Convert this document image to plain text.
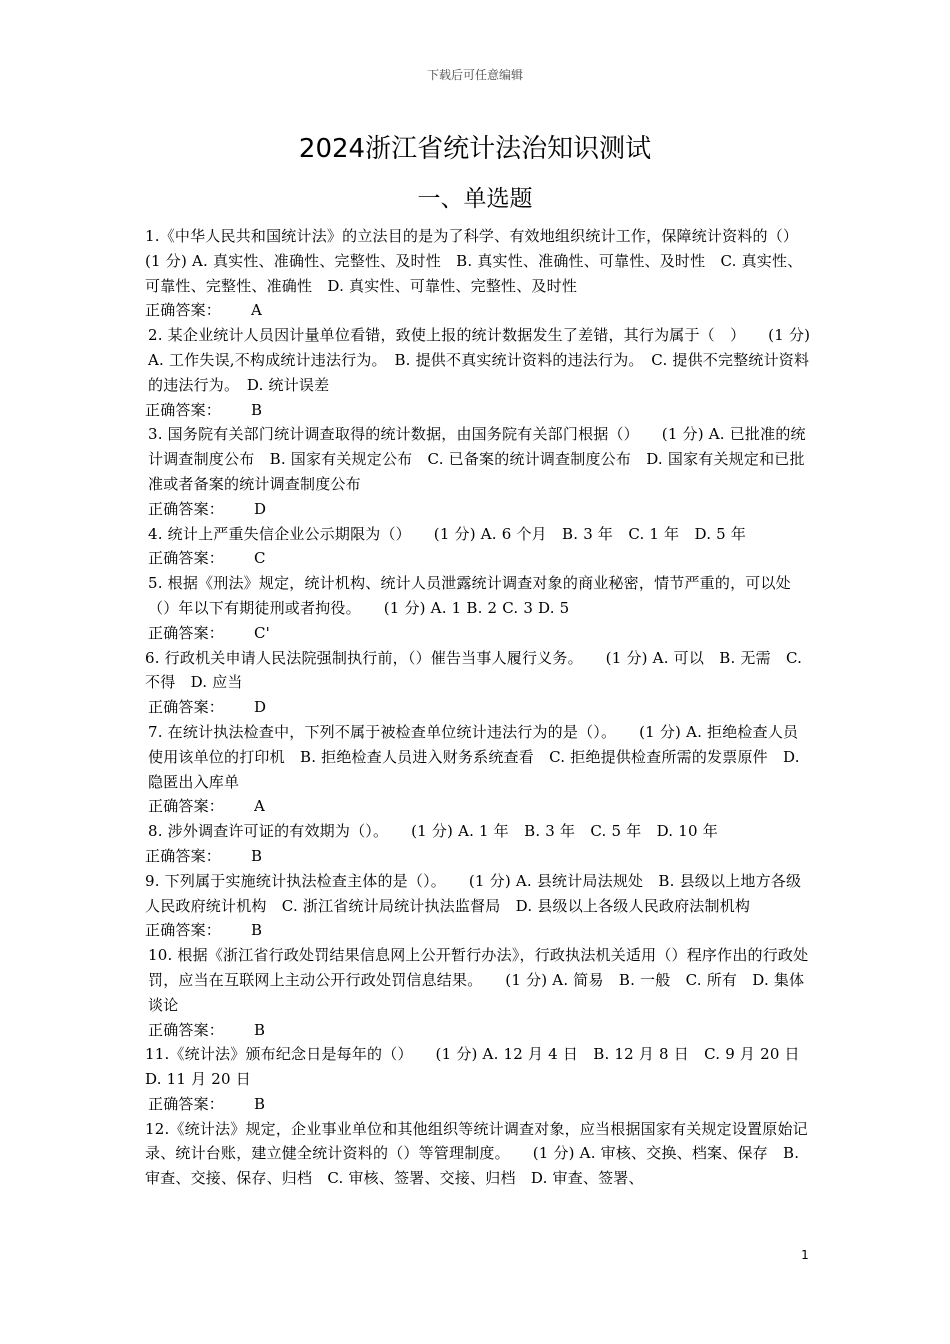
下载后可任意编辑
2024浙江省统计法治知识测试
一、单选题

1.《中华人民共和国统计法》的立法目的是为了科学、有效地组织统计工作，保障统计资料的（）　　(1 分) A. 真实性、准确性、完整性、及时性　B. 真实性、准确性、可靠性、及时性　C. 真实性、可靠性、完整性、准确性　D. 真实性、可靠性、完整性、及时性

正确答案： A

2. 某企业统计人员因计量单位看错，致使上报的统计数据发生了差错，其行为属于（　）　　(1 分) A. 工作失误,不构成统计违法行为。　B. 提供不真实统计资料的违法行为。　C. 提供不完整统计资料的违法行为。　D. 统计误差

正确答案： B

3. 国务院有关部门统计调查取得的统计数据，由国务院有关部门根据（）　　(1 分) A. 已批准的统计调查制度公布　B. 国家有关规定公布　C. 已备案的统计调查制度公布　D. 国家有关规定和已批准或者备案的统计调查制度公布

正确答案： D

4. 统计上严重失信企业公示期限为（）　　(1 分) A. 6 个月　B. 3 年　C. 1 年　D. 5 年

正确答案： C

5. 根据《刑法》规定，统计机构、统计人员泄露统计调查对象的商业秘密，情节严重的，可以处（）年以下有期徒刑或者拘役。　　(1 分) A. 1 B. 2 C. 3 D. 5

正确答案： C'

6. 行政机关申请人民法院强制执行前，（）催告当事人履行义务。　　(1 分) A. 可以　B. 无需　C. 不得　D. 应当

正确答案： D

7. 在统计执法检查中，下列不属于被检查单位统计违法行为的是（）。　　(1 分) A. 拒绝检查人员使用该单位的打印机　B. 拒绝检查人员进入财务系统查看　C. 拒绝提供检查所需的发票原件　D. 隐匿出入库单

正确答案： A

8. 涉外调查许可证的有效期为（）。　　(1 分) A. 1 年　B. 3 年　C. 5 年　D. 10 年

正确答案： B

9. 下列属于实施统计执法检查主体的是（）。　　(1 分) A. 县统计局法规处　B. 县级以上地方各级人民政府统计机构　C. 浙江省统计局统计执法监督局　D. 县级以上各级人民政府法制机构

正确答案： B

10. 根据《浙江省行政处罚结果信息网上公开暂行办法》，行政执法机关适用（）程序作出的行政处罚，应当在互联网上主动公开行政处罚信息结果。　　(1 分) A. 简易　B. 一般　C. 所有　D. 集体谈论

正确答案： B

11.《统计法》颁布纪念日是每年的（）　　(1 分) A. 12 月 4 日　B. 12 月 8 日　C. 9 月 20 日　D. 11 月 20 日

正确答案： B

12.《统计法》规定，企业事业单位和其他组织等统计调查对象，应当根据国家有关规定设置原始记录、统计台账，建立健全统计资料的（）等管理制度。　　(1 分) A. 审核、交换、档案、保存　B. 审查、交接、保存、归档　C. 审核、签署、交接、归档　D. 审查、签署、

1
